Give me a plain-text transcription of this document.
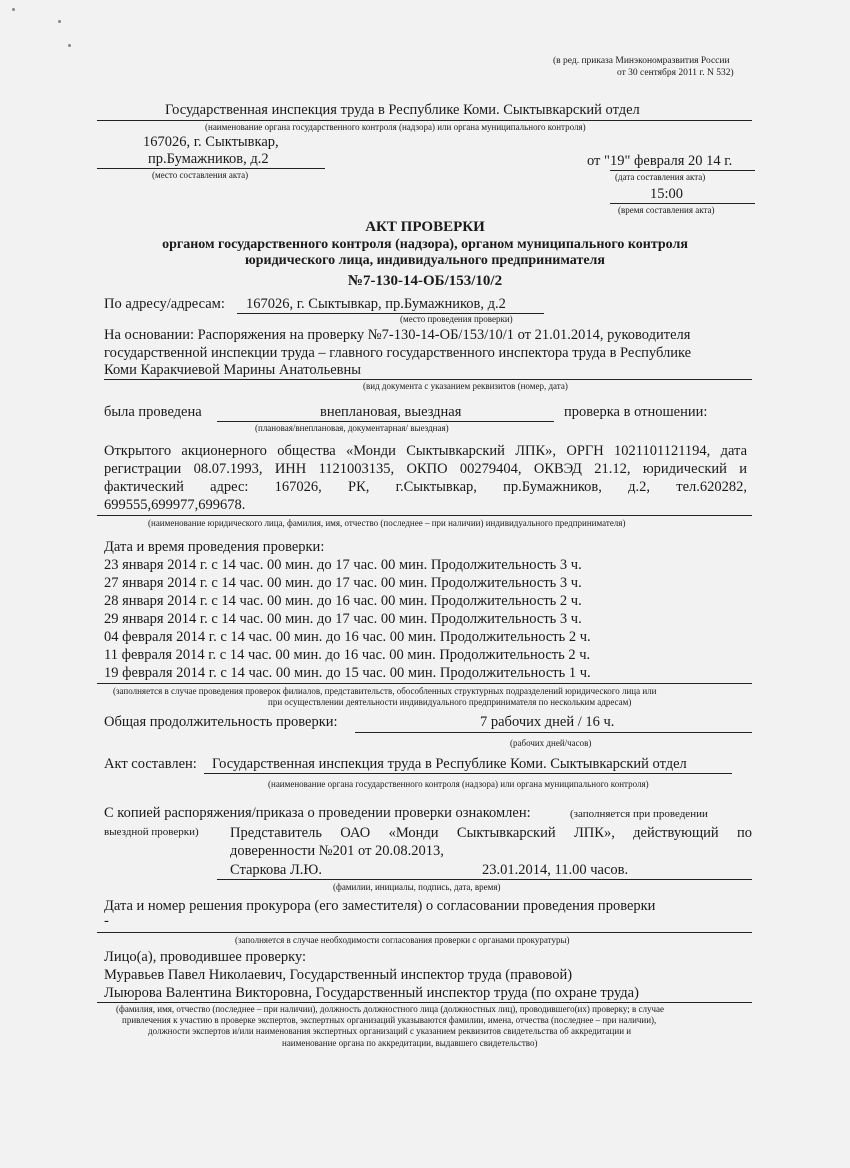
(в ред. приказа Минэкономразвития России
от 30 сентября 2011 г. N 532)
Государственная инспекция труда в Республике Коми. Сыктывкарский отдел
(наименование органа государственного контроля (надзора) или органа муниципального контроля)
167026, г. Сыктывкар,
пр.Бумажников, д.2
(место составления акта)
от "19" февраля 20 14 г.
(дата составления акта)
15:00
(время составления акта)
АКТ ПРОВЕРКИ
органом государственного контроля (надзора), органом муниципального контроля
юридического лица, индивидуального предпринимателя
№7-130-14-ОБ/153/10/2
По адресу/адресам: 167026, г. Сыктывкар, пр.Бумажников, д.2
(место проведения проверки)
На основании: Распоряжения на проверку №7-130-14-ОБ/153/10/1 от 21.01.2014, руководителя
государственной инспекции труда – главного государственного инспектора труда в Республике
Коми Каракчиевой Марины Анатольевны
(вид документа с указанием реквизитов (номер, дата)
была проведена	внеплановая, выездная	проверка в отношении:
(плановая/внеплановая, документарная/ выездная)
Открытого акционерного общества «Монди Сыктывкарский ЛПК», ОРГН 1021101121194, дата
регистрации 08.07.1993, ИНН 1121003135, ОКПО 00279404, ОКВЭД 21.12, юридический и
фактический адрес: 167026, РК, г.Сыктывкар, пр.Бумажников, д.2, тел.620282,
699555,699977,699678.
(наименование юридического лица, фамилия, имя, отчество (последнее – при наличии) индивидуального предпринимателя)
Дата и время проведения проверки:
23 января 2014 г. с 14 час. 00 мин. до 17 час. 00 мин. Продолжительность 3 ч.
27 января 2014 г. с 14 час. 00 мин. до 17 час. 00 мин. Продолжительность 3 ч.
28 января 2014 г. с 14 час. 00 мин. до 16 час. 00 мин. Продолжительность 2 ч.
29 января 2014 г. с 14 час. 00 мин. до 17 час. 00 мин. Продолжительность 3 ч.
04 февраля 2014 г. с 14 час. 00 мин. до 16 час. 00 мин. Продолжительность 2 ч.
11 февраля 2014 г. с 14 час. 00 мин. до 16 час. 00 мин. Продолжительность 2 ч.
19 февраля 2014 г. с 14 час. 00 мин. до 15 час. 00 мин. Продолжительность 1 ч.
(заполняется в случае проведения проверок филиалов, представительств, обособленных структурных подразделений юридического лица или
при осуществлении деятельности индивидуального предпринимателя по нескольким адресам)
Общая продолжительность проверки:	7 рабочих дней / 16 ч.
(рабочих дней/часов)
Акт составлен: Государственная инспекция труда в Республике Коми. Сыктывкарский отдел
(наименование органа государственного контроля (надзора) или органа муниципального контроля)
С копией распоряжения/приказа о проведении проверки ознакомлен:	(заполняется при проведении
выездной проверки) Представитель ОАО «Монди Сыктывкарский ЛПК», действующий по
доверенности №201 от 20.08.2013,
Старкова Л.Ю.	23.01.2014, 11.00 часов.
(фамилии, инициалы, подпись, дата, время)
Дата и номер решения прокурора (его заместителя) о согласовании проведения проверки
-
(заполняется в случае необходимости согласования проверки с органами прокуратуры)
Лицо(а), проводившее проверку:
Муравьев Павел Николаевич, Государственный инспектор труда (правовой)
Лыюрова Валентина Викторовна, Государственный инспектор труда (по охране труда)
(фамилия, имя, отчество (последнее – при наличии), должность должностного лица (должностных лиц), проводившего(их) проверку; в случае
привлечения к участию в проверке экспертов, экспертных организаций указываются фамилии, имена, отчества (последнее – при наличии),
должности экспертов и/или наименования экспертных организаций с указанием реквизитов свидетельства об аккредитации и
наименование органа по аккредитации, выдавшего свидетельство)
